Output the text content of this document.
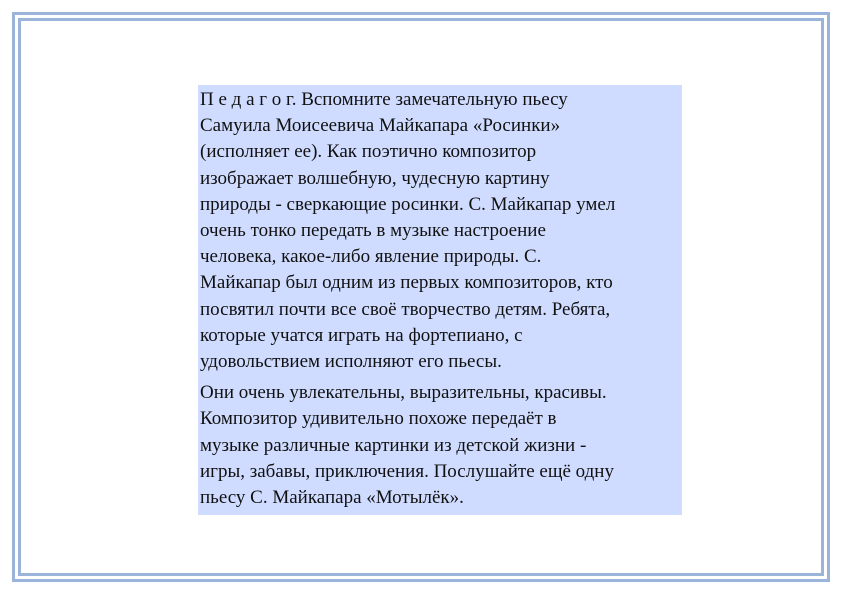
П е д а г о г. Вспомните замечательную пьесу
Самуила Моисеевича Майкапара «Росинки»
(исполняет ее). Как поэтично композитор
изображает волшебную, чудесную картину
природы - сверкающие росинки. С. Майкапар умел
очень тонко передать в музыке настроение
человека, какое-либо явление природы. С.
Майкапар был одним из первых композиторов, кто
посвятил почти все своё творчество детям. Ребята,
которые учатся играть на фортепиано, с
удовольствием исполняют его пьесы.

Они очень увлекательны, выразительны, красивы.
Композитор удивительно похоже передаёт в
музыке различные картинки из детской жизни -
игры, забавы, приключения. Послушайте ещё одну
пьесу С. Майкапара «Мотылёк».
